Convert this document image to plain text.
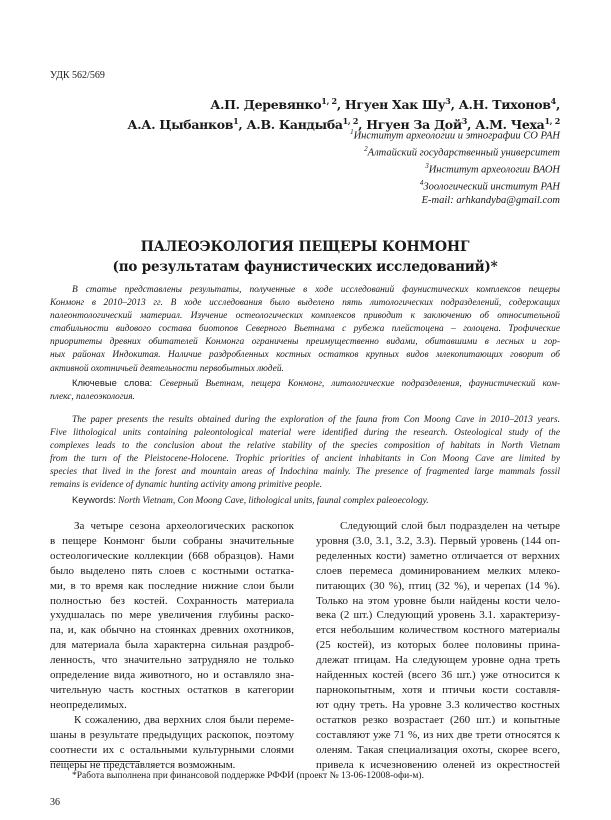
УДК 562/569
А.П. Деревянко$^{1, 2}$, Нгуен Хак $Шу^3$, А.Н. Тихонов$^4$,
А.А. Цыбанков$^1$, А.В. Кандыба$^{1, 2}$, Нгуен За Дой$^3$, А.М. Чеха$^{1, 2}$
$^1$Институт археологии и этнографии СО РАН
$^2$Алтайский государственный университет
$^3$Институт археологии ВАОН
$^4$Зоологический институт РАН
E-mail: arhkandyba@gmail.com
ПАЛЕОЭКОЛОГИЯ ПЕЩЕРЫ КОНМОНГ
(по результатам фаунистических исследований)*
В статье представлены результаты, полученные в ходе исследований фаунистических комплексов пещеры
Конмонг в 2010–2013 гг. В ходе исследования было выделено пять литологических подразделений, содержащих
палеонтологический материал. Изучение остеологических комплексов приводит к заключению об относительной
стабильности видового состава биотопов Северного Вьетнама с рубежа плейстоцена – голоцена. Трофические
приоритеты древних обитателей Конмонга ограничены преимущественно видами, обитавшими в лесных и гор-
ных районах Индокитая. Наличие раздробленных костных остатков крупных видов млекопитающих говорит об
активной охотничьей деятельности первобытных людей.
Ключевые слова: Северный Вьетнам, пещера Конмонг, литологические подразделения, фаунистический ком-
плекс, палеоэкология.
The paper presents the results obtained during the exploration of the fauna from Con Moong Cave in 2010–2013 years.
Five lithological units containing paleontological material were identified during the research. Osteological study of the
complexes leads to the conclusion about the relative stability of the species composition of habitats in North Vietnam
from the turn of the Pleistocene-Holocene. Trophic priorities of ancient inhabitants in Con Moong Cave are limited by
species that lived in the forest and mountain areas of Indochina mainly. The presence of fragmented large mammals fossil
remains is evidence of dynamic hunting activity among primitive people.
Keywords: North Vietnam, Con Moong Cave, lithological units, faunal complex paleoecology.
За четыре сезона археологических раскопок
в пещере Конмонг были собраны значительные
остеологические коллекции (668 образцов). Нами
было выделено пять слоев с костными остатка-
ми, в то время как последние нижние слои были
полностью без костей. Сохранность материала
ухудшалась по мере увеличения глубины раско-
па, и, как обычно на стоянках древних охотников,
для материала была характерна сильная раздроб-
ленность, что значительно затрудняло не только
определение вида животного, но и оставляло зна-
чительную часть костных остатков в категории
неопределимых.
К сожалению, два верхних слоя были переме-
шаны в результате предыдущих раскопок, поэтому
соотнести их с остальными культурными слоями
пещеры не представляется возможным.
Следующий слой был подразделен на четыре
уровня (3.0, 3.1, 3.2, 3.3). Первый уровень (144 оп-
ределенных кости) заметно отличается от верхних
слоев перемеса доминированием мелких млеко-
питающих (30 %), птиц (32 %), и черепах (14 %).
Только на этом уровне были найдены кости чело-
века (2 шт.) Следующий уровень 3.1. характеризу-
ется небольшим количеством костного материалы
(25 костей), из которых более половины прина-
длежат птицам. На следующем уровне одна треть
найденных костей (всего 36 шт.) уже относится к
парнокопытным, хотя и птичьи кости составля-
ют одну треть. На уровне 3.3 количество костных
остатков резко возрастает (260 шт.) и копытные
составляют уже 71 %, из них две трети относятся к
оленям. Такая специализация охоты, скорее всего,
привела к исчезновению оленей из окрестностей
*Работа выполнена при финансовой поддержке РФФИ (проект № 13-06-12008-офи-м).
36
